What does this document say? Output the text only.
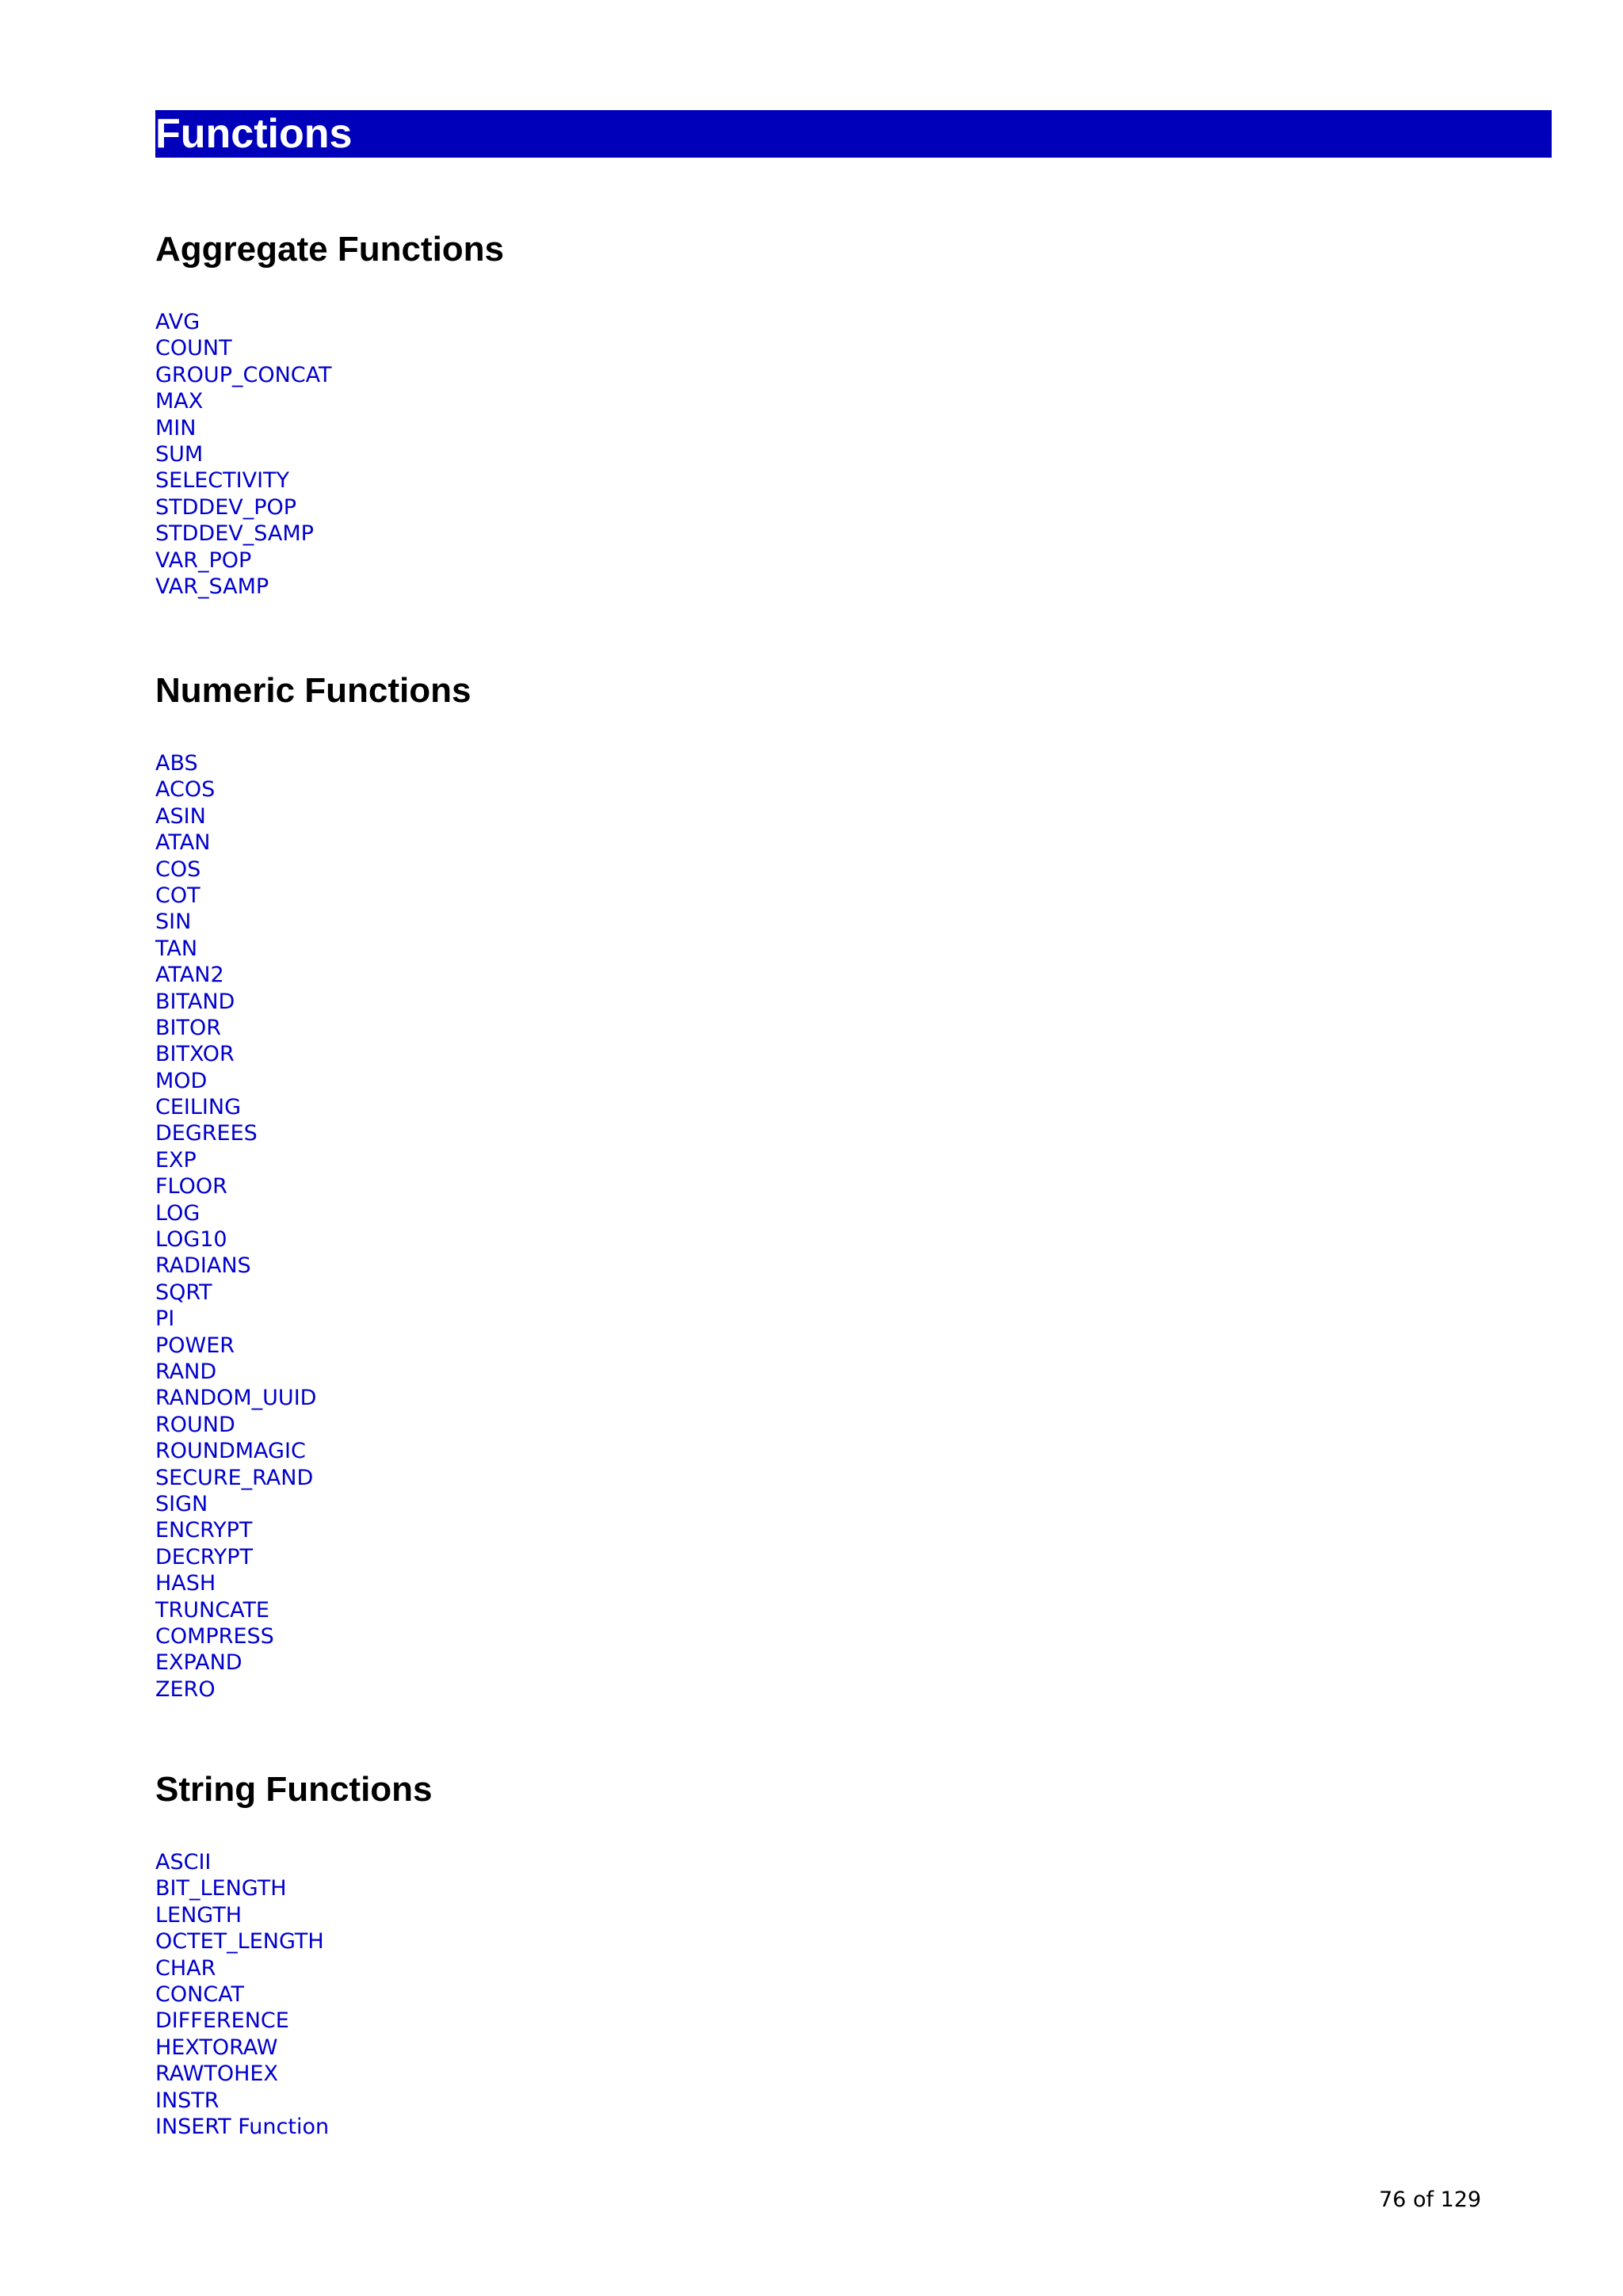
Functions
Aggregate Functions
AVG
COUNT
GROUP_CONCAT
MAX
MIN
SUM
SELECTIVITY
STDDEV_POP
STDDEV_SAMP
VAR_POP
VAR_SAMP
Numeric Functions
ABS
ACOS
ASIN
ATAN
COS
COT
SIN
TAN
ATAN2
BITAND
BITOR
BITXOR
MOD
CEILING
DEGREES
EXP
FLOOR
LOG
LOG10
RADIANS
SQRT
PI
POWER
RAND
RANDOM_UUID
ROUND
ROUNDMAGIC
SECURE_RAND
SIGN
ENCRYPT
DECRYPT
HASH
TRUNCATE
COMPRESS
EXPAND
ZERO
String Functions
ASCII
BIT_LENGTH
LENGTH
OCTET_LENGTH
CHAR
CONCAT
DIFFERENCE
HEXTORAW
RAWTOHEX
INSTR
INSERT Function
76 of 129
